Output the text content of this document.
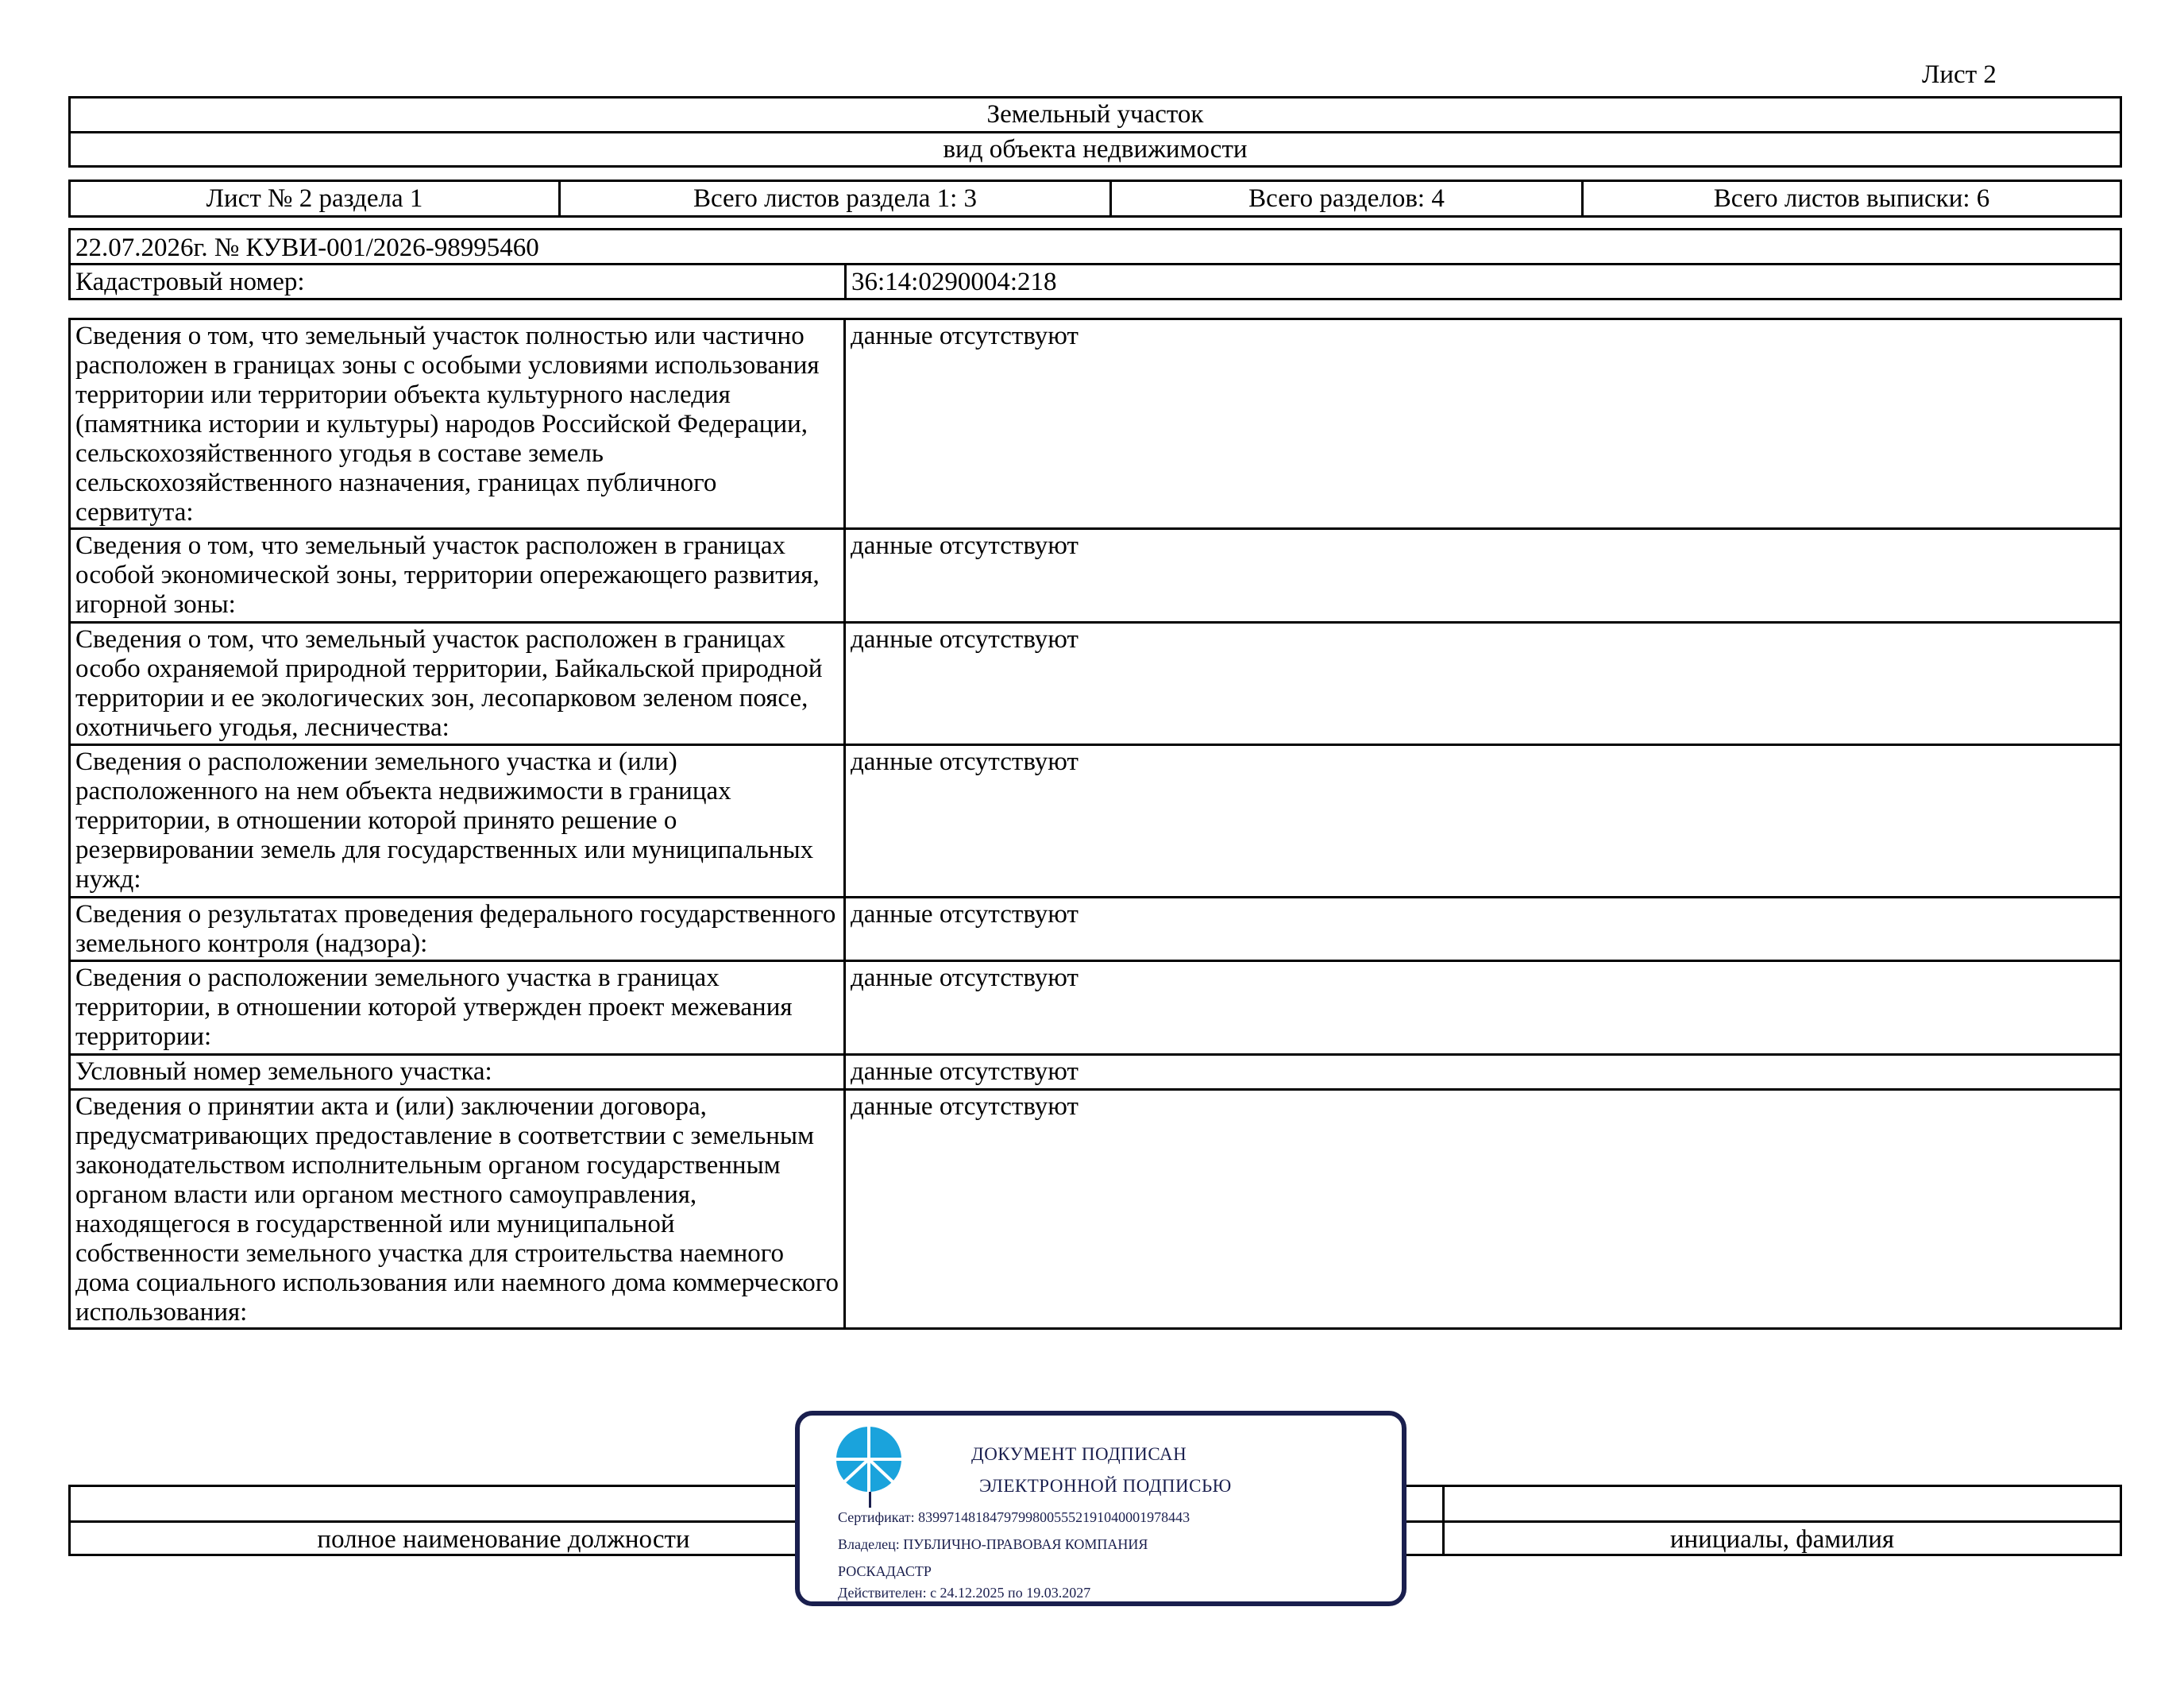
Лист 2
Земельный участок
вид объекта недвижимости
Лист № 2 раздела 1	Всего листов раздела 1: 3	Всего разделов: 4	Всего листов выписки: 6
22.07.2026г. № КУВИ-001/2026-98995460
Кадастровый номер:	36:14:0290004:218
Сведения о том, что земельный участок полностью или частично расположен в границах зоны с особыми условиями использования территории или территории объекта культурного наследия (памятника истории и культуры) народов Российской Федерации, сельскохозяйственного угодья в составе земель сельскохозяйственного назначения, границах публичного сервитута:	данные отсутствуют
Сведения о том, что земельный участок расположен в границах особой экономической зоны, территории опережающего развития, игорной зоны:	данные отсутствуют
Сведения о том, что земельный участок расположен в границах особо охраняемой природной территории, Байкальской природной территории и ее экологических зон, лесопарковом зеленом поясе, охотничьего угодья, лесничества:	данные отсутствуют
Сведения о расположении земельного участка и (или) расположенного на нем объекта недвижимости в границах территории, в отношении которой принято решение о резервировании земель для государственных или муниципальных нужд:	данные отсутствуют
Сведения о результатах проведения федерального государственного земельного контроля (надзора):	данные отсутствуют
Сведения о расположении земельного участка в границах территории, в отношении которой утвержден проект межевания территории:	данные отсутствуют
Условный номер земельного участка:	данные отсутствуют
Сведения о принятии акта и (или) заключении договора, предусматривающих предоставление в соответствии с земельным законодательством исполнительным органом государственным органом власти или органом местного самоуправления, находящегося в государственной или муниципальной собственности земельного участка для строительства наемного дома социального использования или наемного дома коммерческого использования:	данные отсутствуют
полное наименование должности	инициалы, фамилия
ДОКУМЕНТ ПОДПИСАН
ЭЛЕКТРОННОЙ ПОДПИСЬЮ
Сертификат: 839971481847979980055521910400019784​43
Владелец: ПУБЛИЧНО-ПРАВОВАЯ КОМПАНИЯ
РОСКАДАСТР
Действителен: с 24.12.2025 по 19.03.2027
